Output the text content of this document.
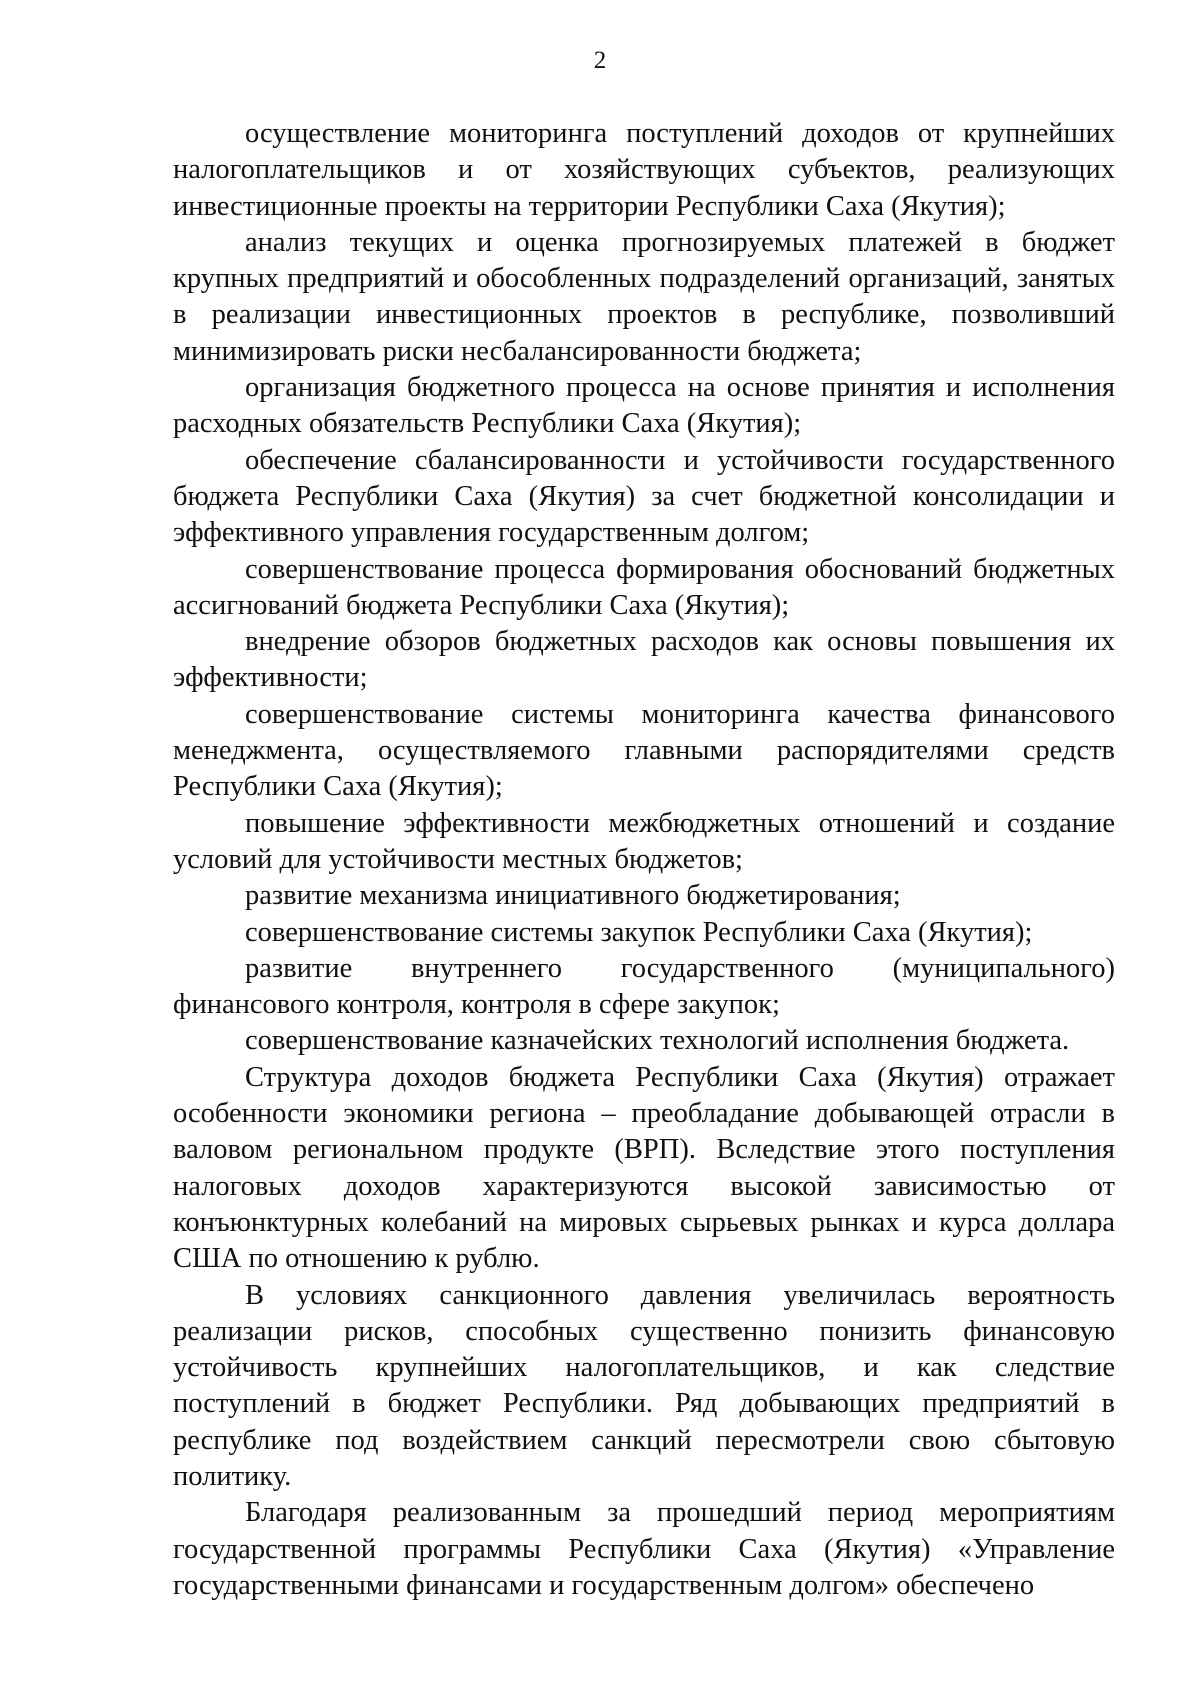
2

осуществление мониторинга поступлений доходов от крупнейших налогоплательщиков и от хозяйствующих субъектов, реализующих инвестиционные проекты на территории Республики Саха (Якутия);

анализ текущих и оценка прогнозируемых платежей в бюджет крупных предприятий и обособленных подразделений организаций, занятых в реализации инвестиционных проектов в республике, позволивший минимизировать риски несбалансированности бюджета;

организация бюджетного процесса на основе принятия и исполнения расходных обязательств Республики Саха (Якутия);

обеспечение сбалансированности и устойчивости государственного бюджета Республики Саха (Якутия) за счет бюджетной консолидации и эффективного управления государственным долгом;

совершенствование процесса формирования обоснований бюджетных ассигнований бюджета Республики Саха (Якутия);

внедрение обзоров бюджетных расходов как основы повышения их эффективности;

совершенствование системы мониторинга качества финансового менеджмента, осуществляемого главными распорядителями средств Республики Саха (Якутия);

повышение эффективности межбюджетных отношений и создание условий для устойчивости местных бюджетов;

развитие механизма инициативного бюджетирования;

совершенствование системы закупок Республики Саха (Якутия);

развитие внутреннего государственного (муниципального) финансового контроля, контроля в сфере закупок;

совершенствование казначейских технологий исполнения бюджета.

Структура доходов бюджета Республики Саха (Якутия) отражает особенности экономики региона – преобладание добывающей отрасли в валовом региональном продукте (ВРП). Вследствие этого поступления налоговых доходов характеризуются высокой зависимостью от конъюнктурных колебаний на мировых сырьевых рынках и курса доллара США по отношению к рублю.

В условиях санкционного давления увеличилась вероятность реализации рисков, способных существенно понизить финансовую устойчивость крупнейших налогоплательщиков, и как следствие поступлений в бюджет Республики. Ряд добывающих предприятий в республике под воздействием санкций пересмотрели свою сбытовую политику.

Благодаря реализованным за прошедший период мероприятиям государственной программы Республики Саха (Якутия) «Управление государственными финансами и государственным долгом» обеспечено
